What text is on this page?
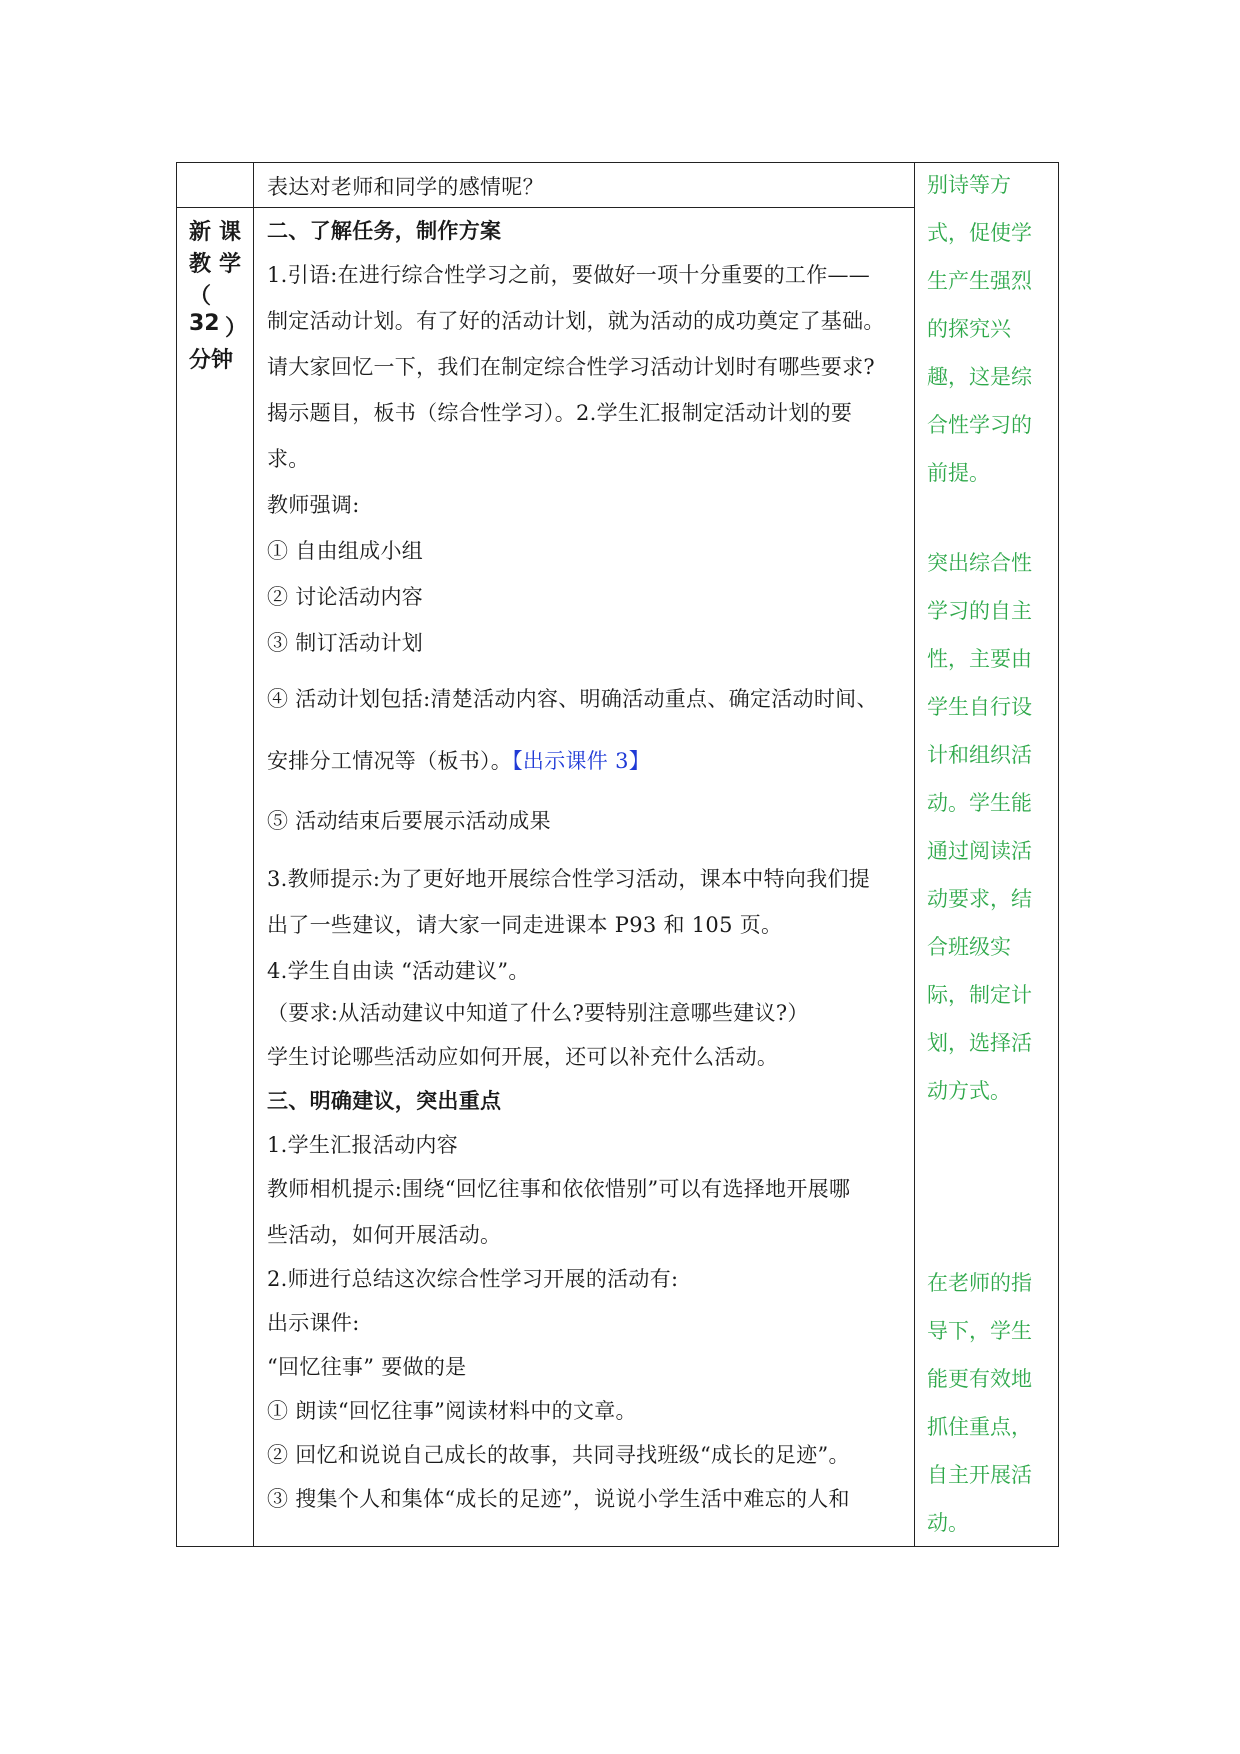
表达对老师和同学的感情呢？
新 课
教 学
（
32 ）
分钟
二、了解任务，制作方案
1.引语:在进行综合性学习之前，要做好一项十分重要的工作——
制定活动计划。有了好的活动计划，就为活动的成功奠定了基础。
请大家回忆一下，我们在制定综合性学习活动计划时有哪些要求?
揭示题目，板书（综合性学习）。2.学生汇报制定活动计划的要
求。
教师强调:
① 自由组成小组
② 讨论活动内容
③ 制订活动计划
④ 活动计划包括:清楚活动内容、明确活动重点、确定活动时间、
安排分工情况等（板书）。【出示课件 3】
⑤ 活动结束后要展示活动成果
3.教师提示:为了更好地开展综合性学习活动，课本中特向我们提
出了一些建议，请大家一同走进课本 P93 和 105 页。
4.学生自由读 “活动建议”。
（要求:从活动建议中知道了什么?要特别注意哪些建议?）
学生讨论哪些活动应如何开展，还可以补充什么活动。
三、明确建议，突出重点
1.学生汇报活动内容
教师相机提示:围绕“回忆往事和依依惜别”可以有选择地开展哪
些活动，如何开展活动。
2.师进行总结这次综合性学习开展的活动有:
出示课件:
“回忆往事” 要做的是
① 朗读“回忆往事”阅读材料中的文章。
② 回忆和说说自己成长的故事，共同寻找班级“成长的足迹”。
③ 搜集个人和集体“成长的足迹”，说说小学生活中难忘的人和
别诗等方
式，促使学
生产生强烈
的探究兴
趣，这是综
合性学习的
前提。
突出综合性
学习的自主
性，主要由
学生自行设
计和组织活
动。学生能
通过阅读活
动要求，结
合班级实
际，制定计
划，选择活
动方式。
在老师的指
导下，学生
能更有效地
抓住重点，
自主开展活
动。
